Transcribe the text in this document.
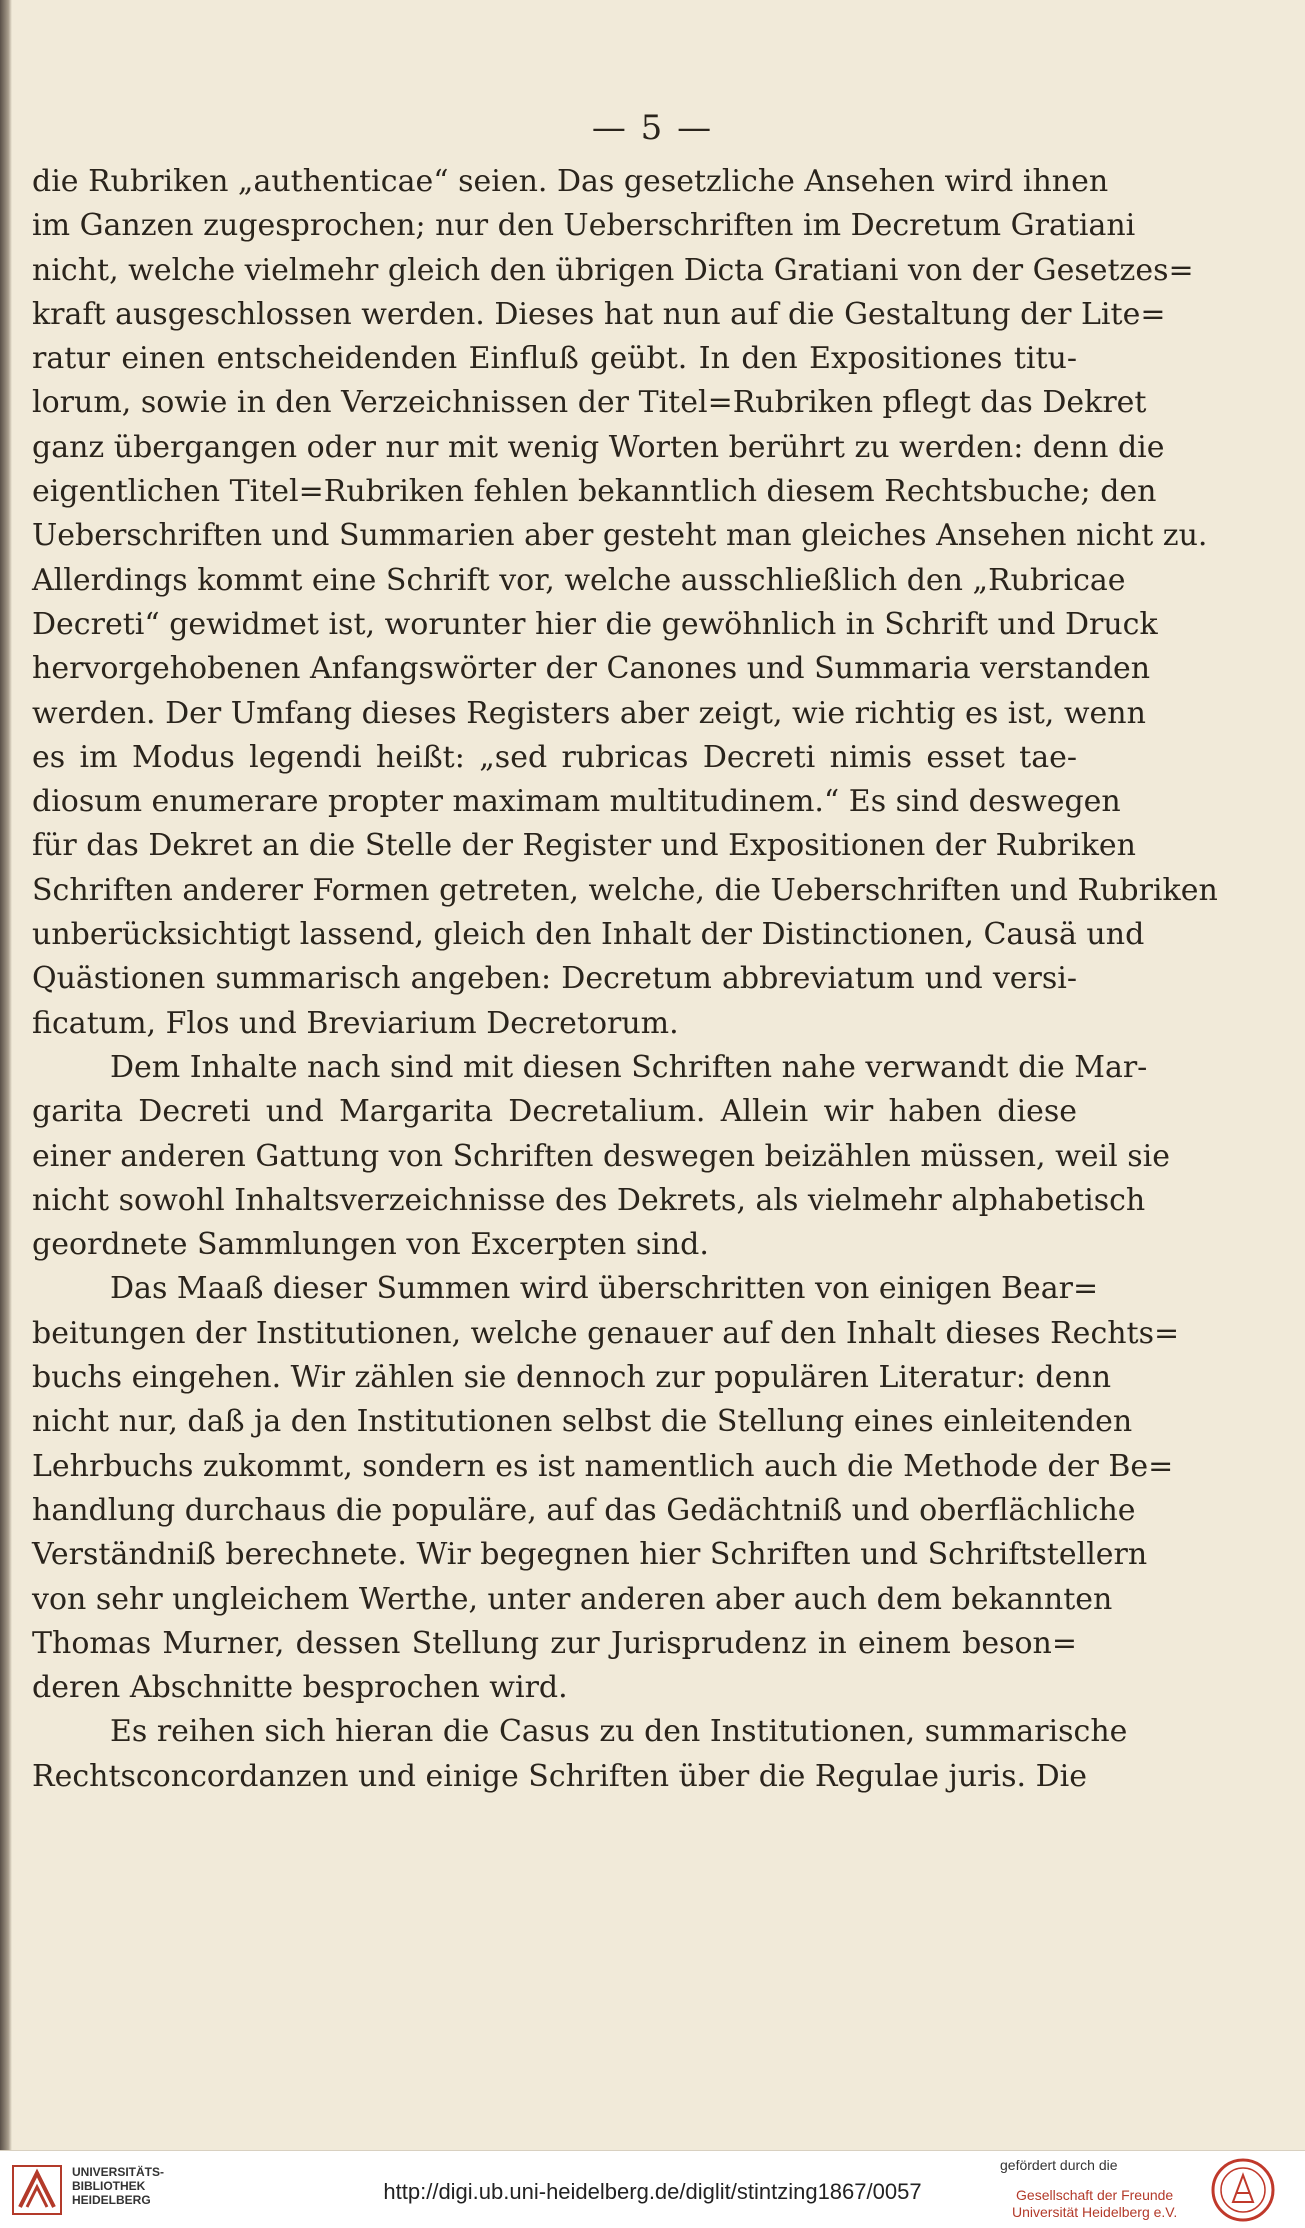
— 5 —

die Rubriken „authenticae“ seien. Das gesetzliche Ansehen wird ihnen
im Ganzen zugesprochen; nur den Ueberschriften im Decretum Gratiani
nicht, welche vielmehr gleich den übrigen Dicta Gratiani von der Gesetzes=
kraft ausgeschlossen werden. Dieses hat nun auf die Gestaltung der Lite=
ratur einen entscheidenden Einfluß geübt. In den Expositiones titu-
lorum, sowie in den Verzeichnissen der Titel=Rubriken pflegt das Dekret
ganz übergangen oder nur mit wenig Worten berührt zu werden: denn die
eigentlichen Titel=Rubriken fehlen bekanntlich diesem Rechtsbuche; den
Ueberschriften und Summarien aber gesteht man gleiches Ansehen nicht zu.
Allerdings kommt eine Schrift vor, welche ausschließlich den „Rubricae
Decreti“ gewidmet ist, worunter hier die gewöhnlich in Schrift und Druck
hervorgehobenen Anfangswörter der Canones und Summaria verstanden
werden. Der Umfang dieses Registers aber zeigt, wie richtig es ist, wenn
es im Modus legendi heißt: „sed rubricas Decreti nimis esset tae-
diosum enumerare propter maximam multitudinem.“ Es sind deswegen
für das Dekret an die Stelle der Register und Expositionen der Rubriken
Schriften anderer Formen getreten, welche, die Ueberschriften und Rubriken
unberücksichtigt lassend, gleich den Inhalt der Distinctionen, Causä und
Quästionen summarisch angeben: Decretum abbreviatum und versi-
ficatum, Flos und Breviarium Decretorum.

Dem Inhalte nach sind mit diesen Schriften nahe verwandt die Mar-
garita Decreti und Margarita Decretalium. Allein wir haben diese
einer anderen Gattung von Schriften deswegen beizählen müssen, weil sie
nicht sowohl Inhaltsverzeichnisse des Dekrets, als vielmehr alphabetisch
geordnete Sammlungen von Excerpten sind.

Das Maaß dieser Summen wird überschritten von einigen Bear=
beitungen der Institutionen, welche genauer auf den Inhalt dieses Rechts=
buchs eingehen. Wir zählen sie dennoch zur populären Literatur: denn
nicht nur, daß ja den Institutionen selbst die Stellung eines einleitenden
Lehrbuchs zukommt, sondern es ist namentlich auch die Methode der Be=
handlung durchaus die populäre, auf das Gedächtniß und oberflächliche
Verständniß berechnete. Wir begegnen hier Schriften und Schriftstellern
von sehr ungleichem Werthe, unter anderen aber auch dem bekannten
Thomas Murner, dessen Stellung zur Jurisprudenz in einem beson=
deren Abschnitte besprochen wird.

Es reihen sich hieran die Casus zu den Institutionen, summarische
Rechtsconcordanzen und einige Schriften über die Regulae juris. Die

UNIVERSITÄTS-
BIBLIOTHEK
HEIDELBERG	http://digi.ub.uni-heidelberg.de/diglit/stintzing1867/0057
gefördert durch die
Gesellschaft der Freunde
Universität Heidelberg e.V.
